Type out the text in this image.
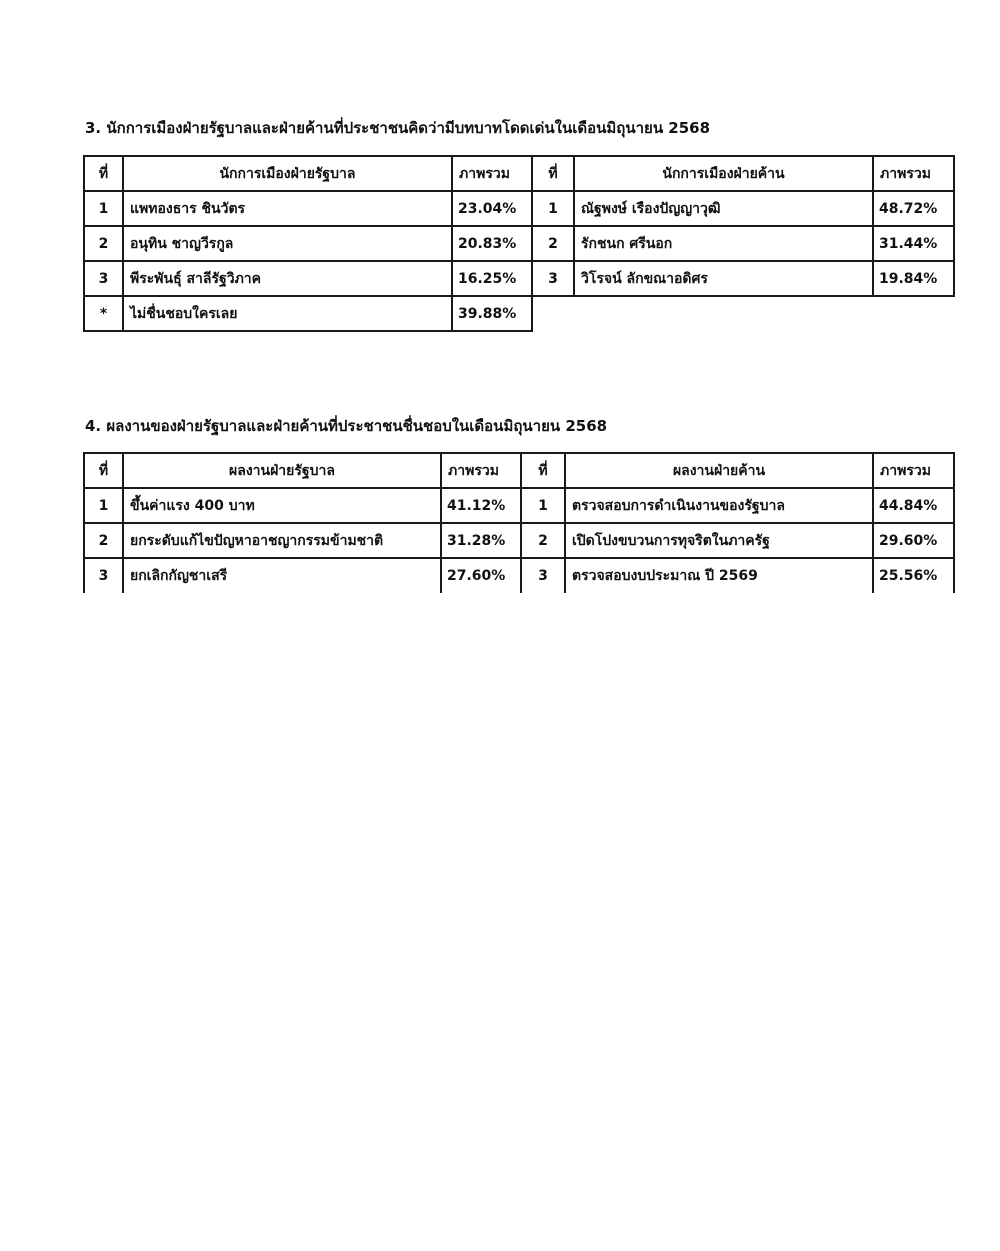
3. นักการเมืองฝ่ายรัฐบาลและฝ่ายค้านที่ประชาชนคิดว่ามีบทบาทโดดเด่นในเดือนมิถุนายน 2568
ที่	นักการเมืองฝ่ายรัฐบาล	ภาพรวม	ที่	นักการเมืองฝ่ายค้าน	ภาพรวม
1	แพทองธาร ชินวัตร	23.04%	1	ณัฐพงษ์ เรืองปัญญาวุฒิ	48.72%
2	อนุทิน ชาญวีรกูล	20.83%	2	รักชนก ศรีนอก	31.44%
3	พีระพันธุ์ สาลีรัฐวิภาค	16.25%	3	วิโรจน์ ลักขณาอดิศร	19.84%
*	ไม่ชื่นชอบใครเลย	39.88%			
4. ผลงานของฝ่ายรัฐบาลและฝ่ายค้านที่ประชาชนชื่นชอบในเดือนมิถุนายน 2568
ที่	ผลงานฝ่ายรัฐบาล	ภาพรวม	ที่	ผลงานฝ่ายค้าน	ภาพรวม
1	ขึ้นค่าแรง 400 บาท	41.12%	1	ตรวจสอบการดำเนินงานของรัฐบาล	44.84%
2	ยกระดับแก้ไขปัญหาอาชญากรรมข้ามชาติ	31.28%	2	เปิดโปงขบวนการทุจริตในภาครัฐ	29.60%
3	ยกเลิกกัญชาเสรี	27.60%	3	ตรวจสอบงบประมาณ ปี 2569	25.56%
